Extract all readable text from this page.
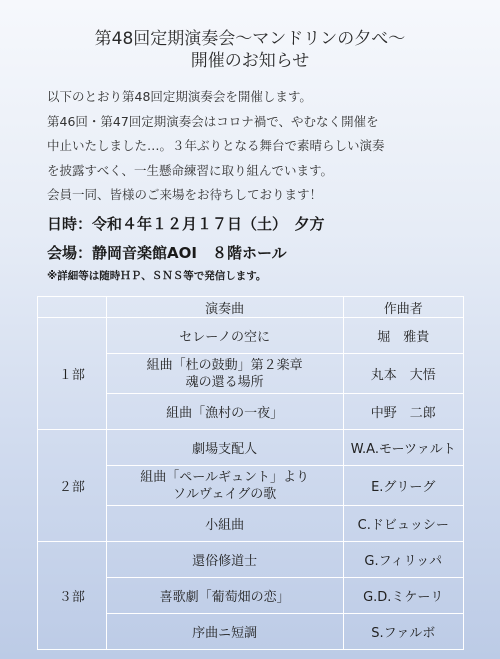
第48回定期演奏会〜マンドリンの夕べ〜
開催のお知らせ
以下のとおり第48回定期演奏会を開催します。
第46回・第47回定期演奏会はコロナ禍で、やむなく開催を
中止いたしました…。３年ぶりとなる舞台で素晴らしい演奏
を披露すべく、一生懸命練習に取り組んでいます。
会員一同、皆様のご来場をお待ちしております！
日時：令和４年１２月１７日（土）　夕方
会場：静岡音楽館AOI　８階ホール
※詳細等は随時ＨＰ、ＳＮＳ等で発信します。
	演奏曲	作曲者
１部	セレーノの空に	堀　雅貴

	組曲「杜の鼓動」第２楽章
魂の還る場所	丸本　大悟
	組曲「漁村の一夜」	中野　二郎
２部	劇場支配人	W.A.モーツァルト

	組曲「ペールギュント」より
ソルヴェイグの歌	E.グリーグ
	小組曲	C.ドビュッシー
３部	還俗修道士	G.フィリッパ
	喜歌劇「葡萄畑の恋」	G.D.ミケーリ
	序曲ニ短調	S.ファルボ
